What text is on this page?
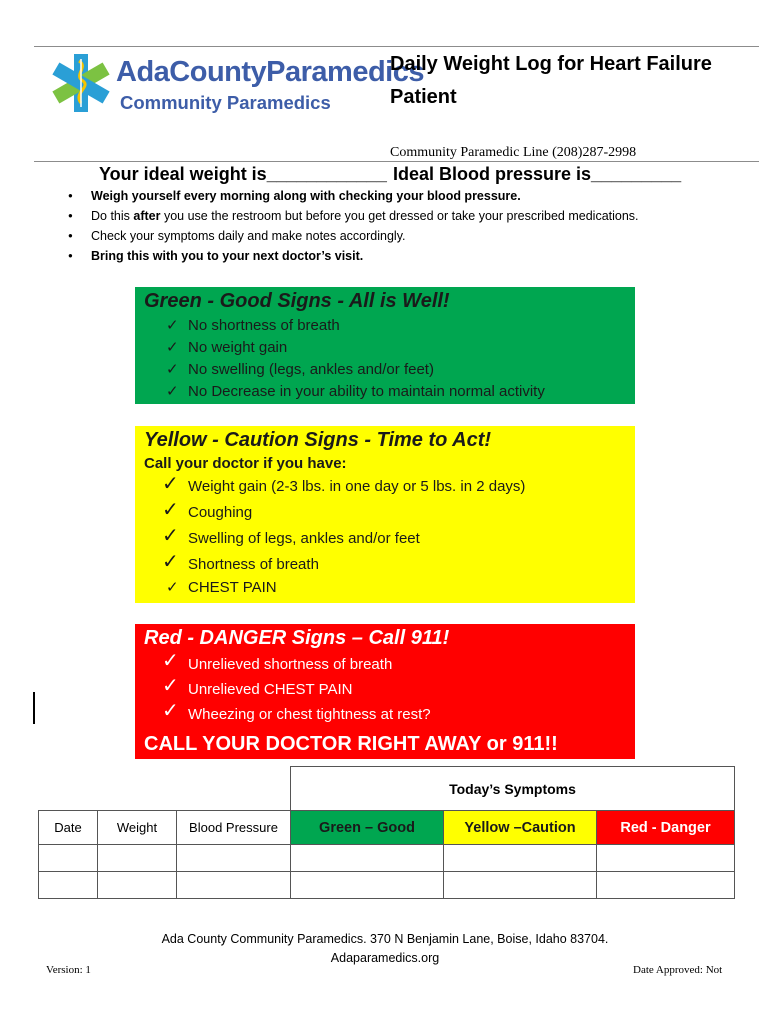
AdaCountyParamedics
Community Paramedics
Daily Weight Log for Heart Failure Patient
Community Paramedic Line (208)287-2998
Your ideal weight is____________ Ideal Blood pressure is_________
● Weigh yourself every morning along with checking your blood pressure.
● Do this after you use the restroom but before you get dressed or take your prescribed medications.
● Check your symptoms daily and make notes accordingly.
● Bring this with you to your next doctor’s visit.
Green - Good Signs - All is Well!
✓ No shortness of breath
✓ No weight gain
✓ No swelling (legs, ankles and/or feet)
✓ No Decrease in your ability to maintain normal activity
Yellow - Caution Signs - Time to Act!
Call your doctor if you have:
✓ Weight gain (2-3 lbs. in one day or 5 lbs. in 2 days)
✓ Coughing
✓ Swelling of legs, ankles and/or feet
✓ Shortness of breath
✓ CHEST PAIN
Red - DANGER Signs – Call 911!
✓ Unrelieved shortness of breath
✓ Unrelieved CHEST PAIN
✓ Wheezing or chest tightness at rest?
CALL YOUR DOCTOR RIGHT AWAY or 911!!
			Today’s Symptoms		
Date	Weight	Blood Pressure	Green – Good	Yellow –Caution	Red - Danger

Ada County Community Paramedics. 370 N Benjamin Lane, Boise, Idaho 83704.
Adaparamedics.org
Version: 1	Date Approved: Not
